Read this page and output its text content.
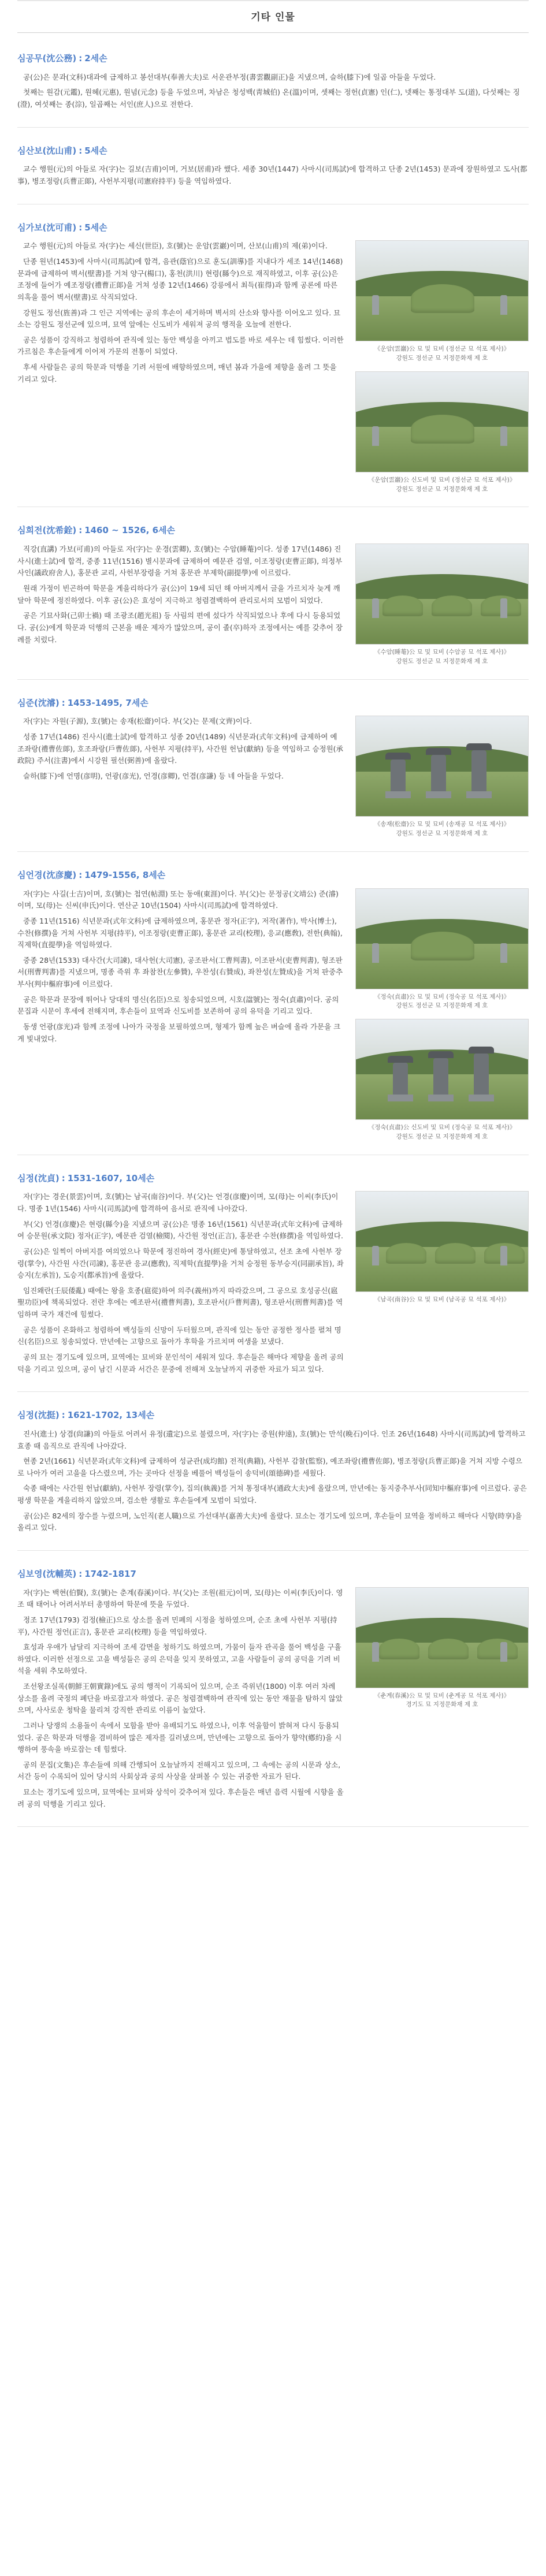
기타 인물
심공무(沈公務) : 2세손

공(公)은 문과(文科)대과에 급제하고 봉선대부(奉善大夫)로 서운관부정(書雲觀副正)을 지냈으며, 슬하(膝下)에 일곱 아들을 두었다.

첫째는 원감(元鑑), 원혜(元惠), 원념(元念) 등을 두었으며, 차남은 청성백(靑城伯) 온(溫)이며, 셋째는 정헌(貞憲) 인(仁), 넷째는 통정대부 도(道), 다섯째는 징(澄), 여섯째는 종(淙), 일곱째는 서인(庶人)으로 전한다.

심산보(沈山甫) : 5세손

교수 행원(元)의 아들로 자(字)는 길보(吉甫)이며, 거보(居甫)라 했다. 세종 30년(1447) 사마시(司馬試)에 합격하고 단종 2년(1453) 문과에 장원하였고 도사(都事), 병조정랑(兵曹正郞), 사헌부지평(司憲府持平) 등을 역임하였다.

심가보(沈可甫) : 5세손

교수 행원(元)의 아들로 자(字)는 세신(世臣), 호(號)는 운암(雲巖)이며, 산보(山甫)의 제(弟)이다.

단종 원년(1453)에 사마시(司馬試)에 합격, 음관(蔭官)으로 훈도(訓導)를 지내다가 세조 14년(1468) 문과에 급제하여 벽서(壁書)를 거쳐 양구(楊口), 홍천(洪川) 현령(縣令)으로 재직하였고, 이후 공(公)은 조정에 들어가 예조정랑(禮曹正郞)을 거쳐 성종 12년(1466) 강릉에서 최득(崔得)과 함께 공론에 따른 의혹을 풀어 벽서(壁書)로 삭직되었다.

강원도 정선(旌善)과 그 인근 지역에는 공의 후손이 세거하며 벽서의 산소와 향사를 이어오고 있다. 묘소는 강원도 정선군에 있으며, 묘역 앞에는 신도비가 세워져 공의 행적을 오늘에 전한다.

공은 성품이 강직하고 청렴하여 관직에 있는 동안 백성을 아끼고 법도를 바로 세우는 데 힘썼다. 이러한 가르침은 후손들에게 이어져 가문의 전통이 되었다.

후세 사람들은 공의 학문과 덕행을 기려 서원에 배향하였으며, 매년 봄과 가을에 제향을 올려 그 뜻을 기리고 있다.

《운암(雲巖)公 묘 및 묘비 (정선군 묘 석포 제사)》
강원도 정선군 묘 지정문화재 제 호
《운암(雲巖)公 신도비 및 묘비 (정선군 묘 석포 제사)》
강원도 정선군 묘 지정문화재 제 호
심희전(沈希銓) : 1460 ~ 1526, 6세손

직강(直講) 가보(可甫)의 아들로 자(字)는 운경(雲卿), 호(號)는 수암(睡菴)이다. 성종 17년(1486) 진사시(進士試)에 합격, 중종 11년(1516) 별시문과에 급제하여 예문관 검열, 이조정랑(吏曹正郞), 의정부사인(議政府舍人), 홍문관 교리, 사헌부장령을 거쳐 홍문관 부제학(副提學)에 이르렀다.

원래 가정이 빈곤하여 학문을 게을리하다가 공(公)이 19세 되던 해 아버지께서 글을 가르치자 늦게 깨달아 학문에 정진하였다. 이후 공(公)은 효성이 지극하고 청렴결백하여 관리로서의 모범이 되었다.

공은 기묘사화(己卯士禍) 때 조광조(趙光祖) 등 사림의 편에 섰다가 삭직되었으나 후에 다시 등용되었다. 공(公)에게 학문과 덕행의 근본을 배운 제자가 많았으며, 공이 졸(卒)하자 조정에서는 예를 갖추어 장례를 치렀다.

《수암(睡菴)公 묘 및 묘비 (수암공 묘 석포 제사)》
강원도 정선군 묘 지정문화재 제 호
심준(沈濬) : 1453-1495, 7세손

자(字)는 자원(子源), 호(號)는 송재(松齋)이다. 부(父)는 문제(文齊)이다.

성종 17년(1486) 진사시(進士試)에 합격하고 성종 20년(1489) 식년문과(式年文科)에 급제하여 예조좌랑(禮曹佐郞), 호조좌랑(戶曹佐郞), 사헌부 지평(持平), 사간원 헌납(獻納) 등을 역임하고 승정원(承政院) 주서(注書)에서 시강원 필선(弼善)에 올랐다.

슬하(膝下)에 언명(彦明), 언광(彦光), 언경(彦卿), 언겸(彦謙) 등 네 아들을 두었다.

《송재(松齋)公 묘 및 묘비 (송재공 묘 석포 제사)》
강원도 정선군 묘 지정문화재 제 호
심언경(沈彦慶) : 1479-1556, 8세손

자(字)는 사길(士吉)이며, 호(號)는 첩연(帖淵) 또는 동애(東涯)이다. 부(父)는 문정공(文靖公) 준(濬)이며, 모(母)는 신씨(申氏)이다. 연산군 10년(1504) 사마시(司馬試)에 합격하였다.

중종 11년(1516) 식년문과(式年文科)에 급제하였으며, 홍문관 정자(正字), 저작(著作), 박사(博士), 수찬(修撰)을 거쳐 사헌부 지평(持平), 이조정랑(吏曹正郞), 홍문관 교리(校理), 응교(應敎), 전한(典翰), 직제학(直提學)을 역임하였다.

중종 28년(1533) 대사간(大司諫), 대사헌(大司憲), 공조판서(工曹判書), 이조판서(吏曹判書), 형조판서(刑曹判書)를 지냈으며, 명종 즉위 후 좌참찬(左參贊), 우찬성(右贊成), 좌찬성(左贊成)을 거쳐 판중추부사(判中樞府事)에 이르렀다.

공은 학문과 문장에 뛰어나 당대의 명신(名臣)으로 칭송되었으며, 시호(諡號)는 정숙(貞肅)이다. 공의 문집과 시문이 후세에 전해지며, 후손들이 묘역과 신도비를 보존하여 공의 유덕을 기리고 있다.

동생 언광(彦光)과 함께 조정에 나아가 국정을 보필하였으며, 형제가 함께 높은 벼슬에 올라 가문을 크게 빛내었다.

《정숙(貞肅)公 묘 및 묘비 (정숙공 묘 석포 제사)》
강원도 정선군 묘 지정문화재 제 호
《정숙(貞肅)公 신도비 및 묘비 (정숙공 묘 석포 제사)》
강원도 정선군 묘 지정문화재 제 호
심정(沈貞) : 1531-1607, 10세손

자(字)는 경운(景雲)이며, 호(號)는 남곡(南谷)이다. 부(父)는 언경(彦慶)이며, 모(母)는 이씨(李氏)이다. 명종 1년(1546) 사마시(司馬試)에 합격하여 음서로 관직에 나아갔다.

부(父) 언경(彦慶)은 현령(縣令)을 지냈으며 공(公)은 명종 16년(1561) 식년문과(式年文科)에 급제하여 승문원(承文院) 정자(正字), 예문관 검열(檢閱), 사간원 정언(正言), 홍문관 수찬(修撰)을 역임하였다.

공(公)은 일찍이 아버지를 여의었으나 학문에 정진하여 경사(經史)에 통달하였고, 선조 초에 사헌부 장령(掌令), 사간원 사간(司諫), 홍문관 응교(應敎), 직제학(直提學)을 거쳐 승정원 동부승지(同副承旨), 좌승지(左承旨), 도승지(都承旨)에 올랐다.

임진왜란(壬辰倭亂) 때에는 왕을 호종(扈從)하여 의주(義州)까지 따라갔으며, 그 공으로 호성공신(扈聖功臣)에 책록되었다. 전란 후에는 예조판서(禮曹判書), 호조판서(戶曹判書), 형조판서(刑曹判書)를 역임하며 국가 재건에 힘썼다.

공은 성품이 온화하고 청렴하여 백성들의 신망이 두터웠으며, 관직에 있는 동안 공정한 정사를 펼쳐 명신(名臣)으로 칭송되었다. 만년에는 고향으로 돌아가 후학을 가르치며 여생을 보냈다.

공의 묘는 경기도에 있으며, 묘역에는 묘비와 문인석이 세워져 있다. 후손들은 해마다 제향을 올려 공의 덕을 기리고 있으며, 공이 남긴 시문과 서간은 문중에 전해져 오늘날까지 귀중한 자료가 되고 있다.

《남곡(南谷)公 묘 및 묘비 (남곡공 묘 석포 제사)》
심정(沈挺) : 1621-1702, 13세손

진사(進士) 상겸(尙謙)의 아들로 어려서 유정(遺定)으로 불렸으며, 자(字)는 중원(仲遠), 호(號)는 만석(晩石)이다. 인조 26년(1648) 사마시(司馬試)에 합격하고 효종 때 음직으로 관직에 나아갔다.

현종 2년(1661) 식년문과(式年文科)에 급제하여 성균관(成均館) 전적(典籍), 사헌부 감찰(監察), 예조좌랑(禮曹佐郞), 병조정랑(兵曹正郞)을 거쳐 지방 수령으로 나아가 여러 고을을 다스렸으며, 가는 곳마다 선정을 베풀어 백성들이 송덕비(頌德碑)를 세웠다.

숙종 때에는 사간원 헌납(獻納), 사헌부 장령(掌令), 집의(執義)를 거쳐 통정대부(通政大夫)에 올랐으며, 만년에는 동지중추부사(同知中樞府事)에 이르렀다. 공은 평생 학문을 게을리하지 않았으며, 검소한 생활로 후손들에게 모범이 되었다.

공(公)은 82세의 장수를 누렸으며, 노인직(老人職)으로 가선대부(嘉善大夫)에 올랐다. 묘소는 경기도에 있으며, 후손들이 묘역을 정비하고 해마다 시향(時享)을 올리고 있다.

심보영(沈輔英) : 1742-1817

자(字)는 백현(伯賢), 호(號)는 춘계(春溪)이다. 부(父)는 조원(祖元)이며, 모(母)는 이씨(李氏)이다. 영조 때 태어나 어려서부터 총명하여 학문에 뜻을 두었다.

정조 17년(1793) 검정(檢正)으로 상소를 올려 민폐의 시정을 청하였으며, 순조 초에 사헌부 지평(持平), 사간원 정언(正言), 홍문관 교리(校理) 등을 역임하였다.

효성과 우애가 남달리 지극하여 조세 감면을 청하기도 하였으며, 가뭄이 들자 관곡을 풀어 백성을 구휼하였다. 이러한 선정으로 고을 백성들은 공의 은덕을 잊지 못하였고, 고을 사람들이 공의 공덕을 기려 비석을 세워 추모하였다.

조선왕조실록(朝鮮王朝實錄)에도 공의 행적이 기록되어 있으며, 순조 즉위년(1800) 이후 여러 차례 상소를 올려 국정의 폐단을 바로잡고자 하였다. 공은 청렴결백하여 관직에 있는 동안 재물을 탐하지 않았으며, 사사로운 청탁을 물리쳐 강직한 관리로 이름이 높았다.

그러나 당쟁의 소용돌이 속에서 모함을 받아 유배되기도 하였으나, 이후 억울함이 밝혀져 다시 등용되었다. 공은 학문과 덕행을 겸비하여 많은 제자를 길러냈으며, 만년에는 고향으로 돌아가 향약(鄕約)을 시행하여 풍속을 바로잡는 데 힘썼다.

공의 문집(文集)은 후손들에 의해 간행되어 오늘날까지 전해지고 있으며, 그 속에는 공의 시문과 상소, 서간 등이 수록되어 있어 당시의 사회상과 공의 사상을 살펴볼 수 있는 귀중한 자료가 된다.

묘소는 경기도에 있으며, 묘역에는 묘비와 상석이 갖추어져 있다. 후손들은 매년 음력 시월에 시향을 올려 공의 덕행을 기리고 있다.

《춘계(春溪)公 묘 및 묘비 (춘계공 묘 석포 제사)》
경기도 묘 지정문화재 제 호
